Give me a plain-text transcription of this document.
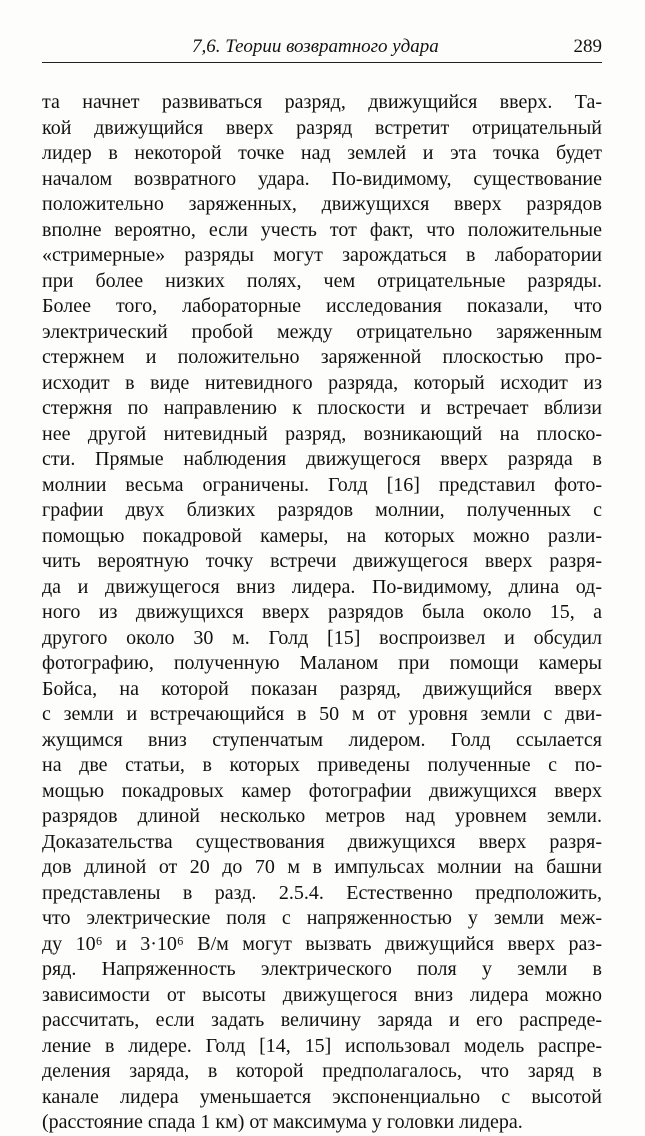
7,6. Теории возвратного удара	289
та начнет развиваться разряд, движущийся вверх. Та-
кой движущийся вверх разряд встретит отрицательный
лидер в некоторой точке над землей и эта точка будет
началом возвратного удара. По-видимому, существование
положительно заряженных, движущихся вверх разрядов
вполне вероятно, если учесть тот факт, что положительные
«стримерные» разряды могут зарождаться в лаборатории
при более низких полях, чем отрицательные разряды.
Более того, лабораторные исследования показали, что
электрический пробой между отрицательно заряженным
стержнем и положительно заряженной плоскостью про-
исходит в виде нитевидного разряда, который исходит из
стержня по направлению к плоскости и встречает вблизи
нее другой нитевидный разряд, возникающий на плоско-
сти. Прямые наблюдения движущегося вверх разряда в
молнии весьма ограничены. Голд [16] представил фото-
графии двух близких разрядов молнии, полученных с
помощью покадровой камеры, на которых можно разли-
чить вероятную точку встречи движущегося вверх разря-
да и движущегося вниз лидера. По-видимому, длина од-
ного из движущихся вверх разрядов была около 15, а
другого около 30 м. Голд [15] воспроизвел и обсудил
фотографию, полученную Маланом при помощи камеры
Бойса, на которой показан разряд, движущийся вверх
с земли и встречающийся в 50 м от уровня земли с дви-
жущимся вниз ступенчатым лидером. Голд ссылается
на две статьи, в которых приведены полученные с по-
мощью покадровых камер фотографии движущихся вверх
разрядов длиной несколько метров над уровнем земли.
Доказательства существования движущихся вверх разря-
дов длиной от 20 до 70 м в импульсах молнии на башни
представлены в разд. 2.5.4. Естественно предположить,
что электрические поля с напряженностью у земли меж-
ду 10⁶ и 3·10⁶ В/м могут вызвать движущийся вверх раз-
ряд. Напряженность электрического поля у земли в
зависимости от высоты движущегося вниз лидера можно
рассчитать, если задать величину заряда и его распреде-
ление в лидере. Голд [14, 15] использовал модель распре-
деления заряда, в которой предполагалось, что заряд в
канале лидера уменьшается экспоненциально с высотой
(расстояние спада 1 км) от максимума у головки лидера.
